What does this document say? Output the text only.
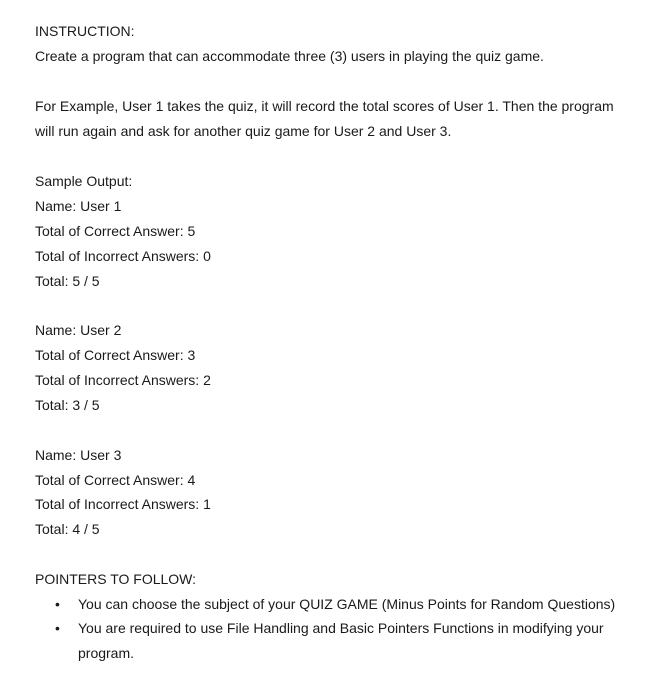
INSTRUCTION:
Create a program that can accommodate three (3) users in playing the quiz game.
For Example, User 1 takes the quiz, it will record the total scores of User 1. Then the program
will run again and ask for another quiz game for User 2 and User 3.
Sample Output:
Name: User 1
Total of Correct Answer: 5
Total of Incorrect Answers: 0
Total: 5 / 5
Name: User 2
Total of Correct Answer: 3
Total of Incorrect Answers: 2
Total: 3 / 5
Name: User 3
Total of Correct Answer: 4
Total of Incorrect Answers: 1
Total: 4 / 5
POINTERS TO FOLLOW:
• You can choose the subject of your QUIZ GAME (Minus Points for Random Questions)
• You are required to use File Handling and Basic Pointers Functions in modifying your
program.
